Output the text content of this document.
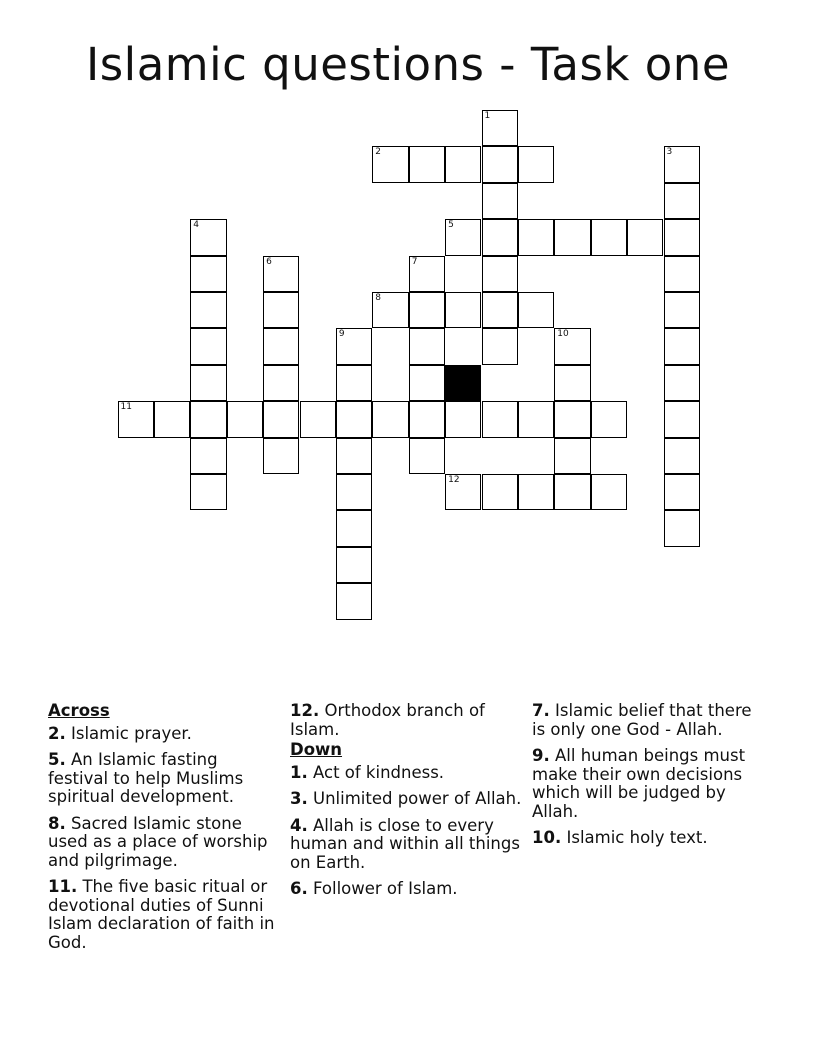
Islamic questions - Task one
2
5
8
11
12
1
3
4
6	7
9	10
Across
2. Islamic prayer.
5. An Islamic fasting festival to help Muslims spiritual development.
8. Sacred Islamic stone used as a place of worship and pilgrimage.
11. The five basic ritual or devotional duties of Sunni Islam declaration of faith in God.
12. Orthodox branch of Islam.
Down
1. Act of kindness.
3. Unlimited power of Allah.
4. Allah is close to every human and within all things on Earth.
6. Follower of Islam.
7. Islamic belief that there is only one God - Allah.
9. All human beings must make their own decisions which will be judged by Allah.
10. Islamic holy text.
